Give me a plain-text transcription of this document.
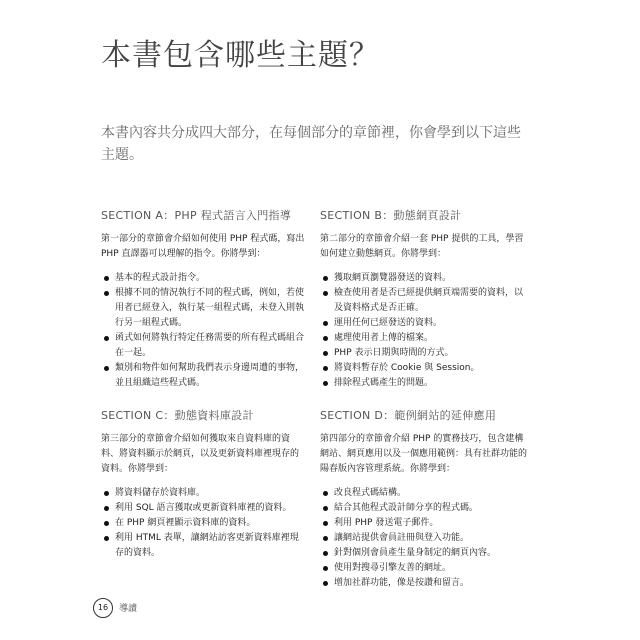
本書包含哪些主題？

本書內容共分成四大部分，在每個部分的章節裡，你會學到以下這些主題。

SECTION A：PHP 程式語言入門指導

第一部分的章節會介紹如何使用 PHP 程式碼，寫出 PHP 直譯器可以理解的指令。你將學到：

基本的程式設計指令。
根據不同的情況執行不同的程式碼，例如，若使用者已經登入，執行某一組程式碼，未登入則執行另一組程式碼。
函式如何將執行特定任務需要的所有程式碼組合在一起。
類別和物件如何幫助我們表示身邊周遭的事物，並且組織這些程式碼。
SECTION B：動態網頁設計

第二部分的章節會介紹一套 PHP 提供的工具，學習如何建立動態網頁。你將學到：

獲取網頁瀏覽器發送的資料。
檢查使用者是否已經提供網頁端需要的資料，以及資料格式是否正確。
運用任何已經發送的資料。
處理使用者上傳的檔案。
PHP 表示日期與時間的方式。
將資料暫存於 Cookie 與 Session。
排除程式碼產生的問題。
SECTION C：動態資料庫設計

第三部分的章節會介紹如何獲取來自資料庫的資料、將資料顯示於網頁，以及更新資料庫裡現存的資料。你將學到：

將資料儲存於資料庫。
利用 SQL 語言獲取或更新資料庫裡的資料。
在 PHP 網頁裡顯示資料庫的資料。
利用 HTML 表單，讓網站訪客更新資料庫裡現存的資料。
SECTION D：範例網站的延伸應用

第四部分的章節會介紹 PHP 的實務技巧，包含建構網站、網頁應用以及一個應用範例：具有社群功能的陽春版內容管理系統。你將學到：

改良程式碼結構。
結合其他程式設計師分享的程式碼。
利用 PHP 發送電子郵件。
讓網站提供會員註冊與登入功能。
針對個別會員產生量身制定的網頁內容。
使用對搜尋引擎友善的網址。
增加社群功能，像是按讚和留言。
16	導讀
